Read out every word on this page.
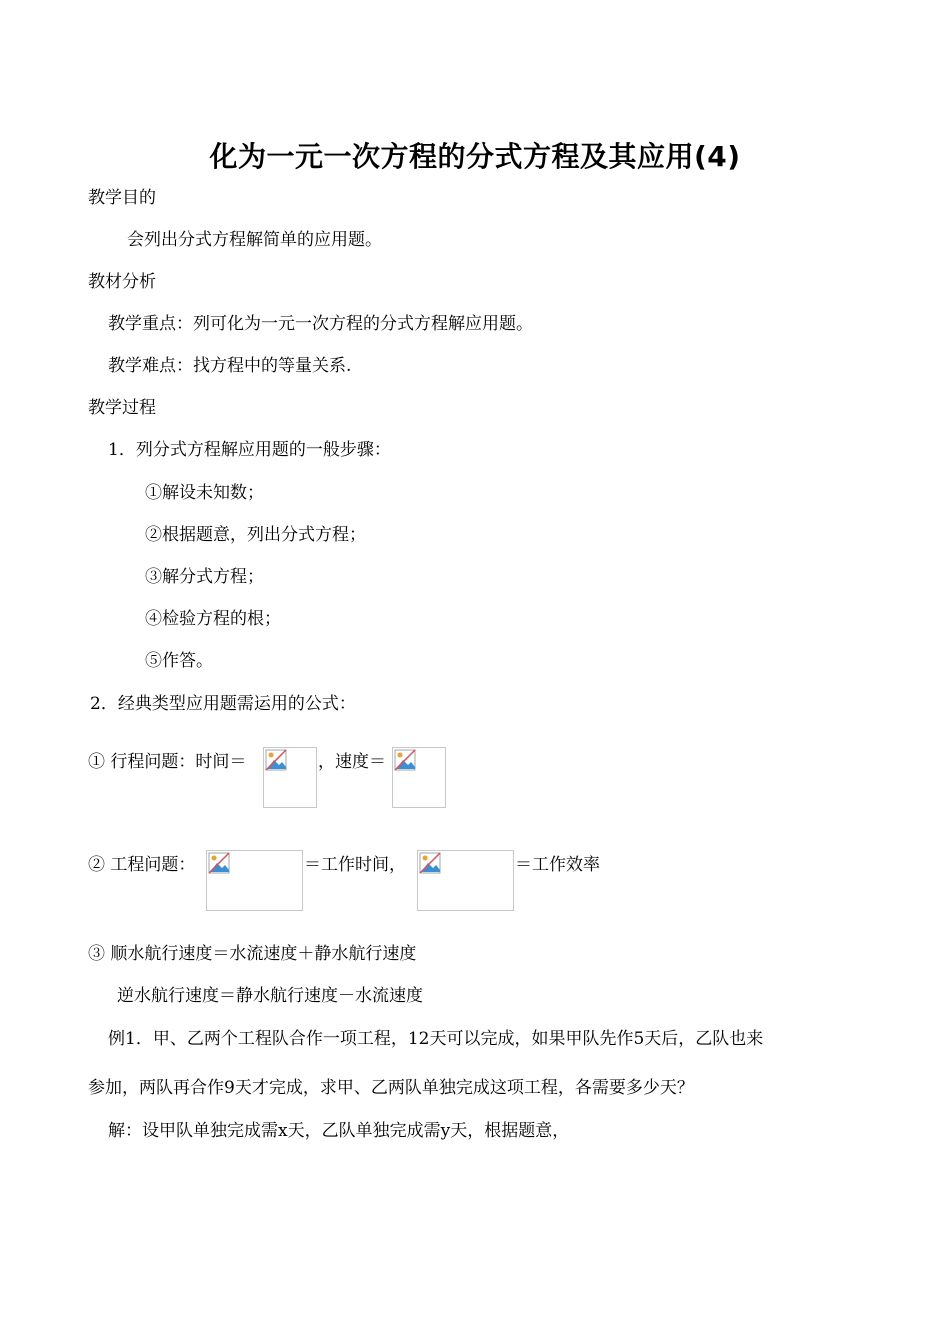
化为一元一次方程的分式方程及其应用(4)
教学目的
会列出分式方程解简单的应用题。
教材分析
教学重点：列可化为一元一次方程的分式方程解应用题。
教学难点：找方程中的等量关系.
教学过程
1．列分式方程解应用题的一般步骤：
①解设未知数；
②根据题意，列出分式方程；
③解分式方程；
④检验方程的根；
⑤作答。
2．经典类型应用题需运用的公式：
① 行程问题：时间＝	，速度＝
② 工程问题：	＝工作时间，	＝工作效率
③ 顺水航行速度＝水流速度＋静水航行速度
逆水航行速度＝静水航行速度－水流速度
例1．甲、乙两个工程队合作一项工程，12天可以完成，如果甲队先作5天后，乙队也来
参加，两队再合作9天才完成，求甲、乙两队单独完成这项工程，各需要多少天？
解：设甲队单独完成需x天，乙队单独完成需y天，根据题意，
